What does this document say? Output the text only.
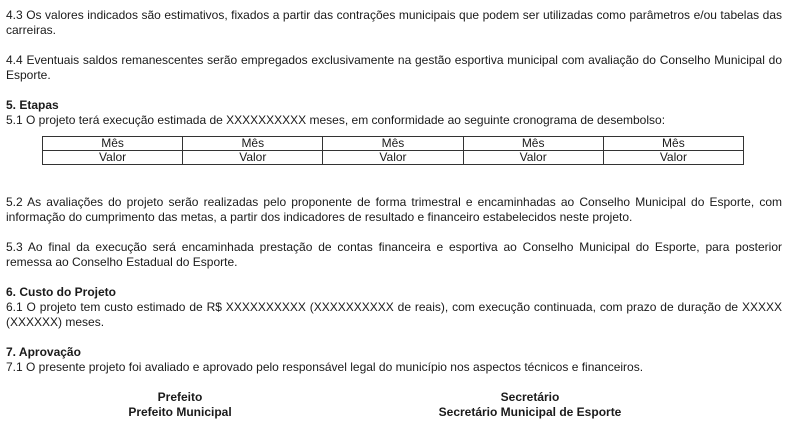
4.3 Os valores indicados são estimativos, fixados a partir das contrações municipais que podem ser utilizadas como parâmetros e/ou tabelas das carreiras.

4.4 Eventuais saldos remanescentes serão empregados exclusivamente na gestão esportiva municipal com avaliação do Conselho Municipal do Esporte.

5. Etapas

5.1 O projeto terá execução estimada de XXXXXXXXXX meses, em conformidade ao seguinte cronograma de desembolso:

Mês	Mês	Mês	Mês	Mês
Valor	Valor	Valor	Valor	Valor

5.2 As avaliações do projeto serão realizadas pelo proponente de forma trimestral e encaminhadas ao Conselho Municipal do Esporte, com informação do cumprimento das metas, a partir dos indicadores de resultado e financeiro estabelecidos neste projeto.

5.3 Ao final da execução será encaminhada prestação de contas financeira e esportiva ao Conselho Municipal do Esporte, para posterior remessa ao Conselho Estadual do Esporte.

6. Custo do Projeto

6.1 O projeto tem custo estimado de R$ XXXXXXXXXX (XXXXXXXXXX de reais), com execução continuada, com prazo de duração de XXXXX (XXXXXX) meses.

7. Aprovação

7.1 O presente projeto foi avaliado e aprovado pelo responsável legal do município nos aspectos técnicos e financeiros.

Prefeito
Prefeito Municipal
Secretário
Secretário Municipal de Esporte
